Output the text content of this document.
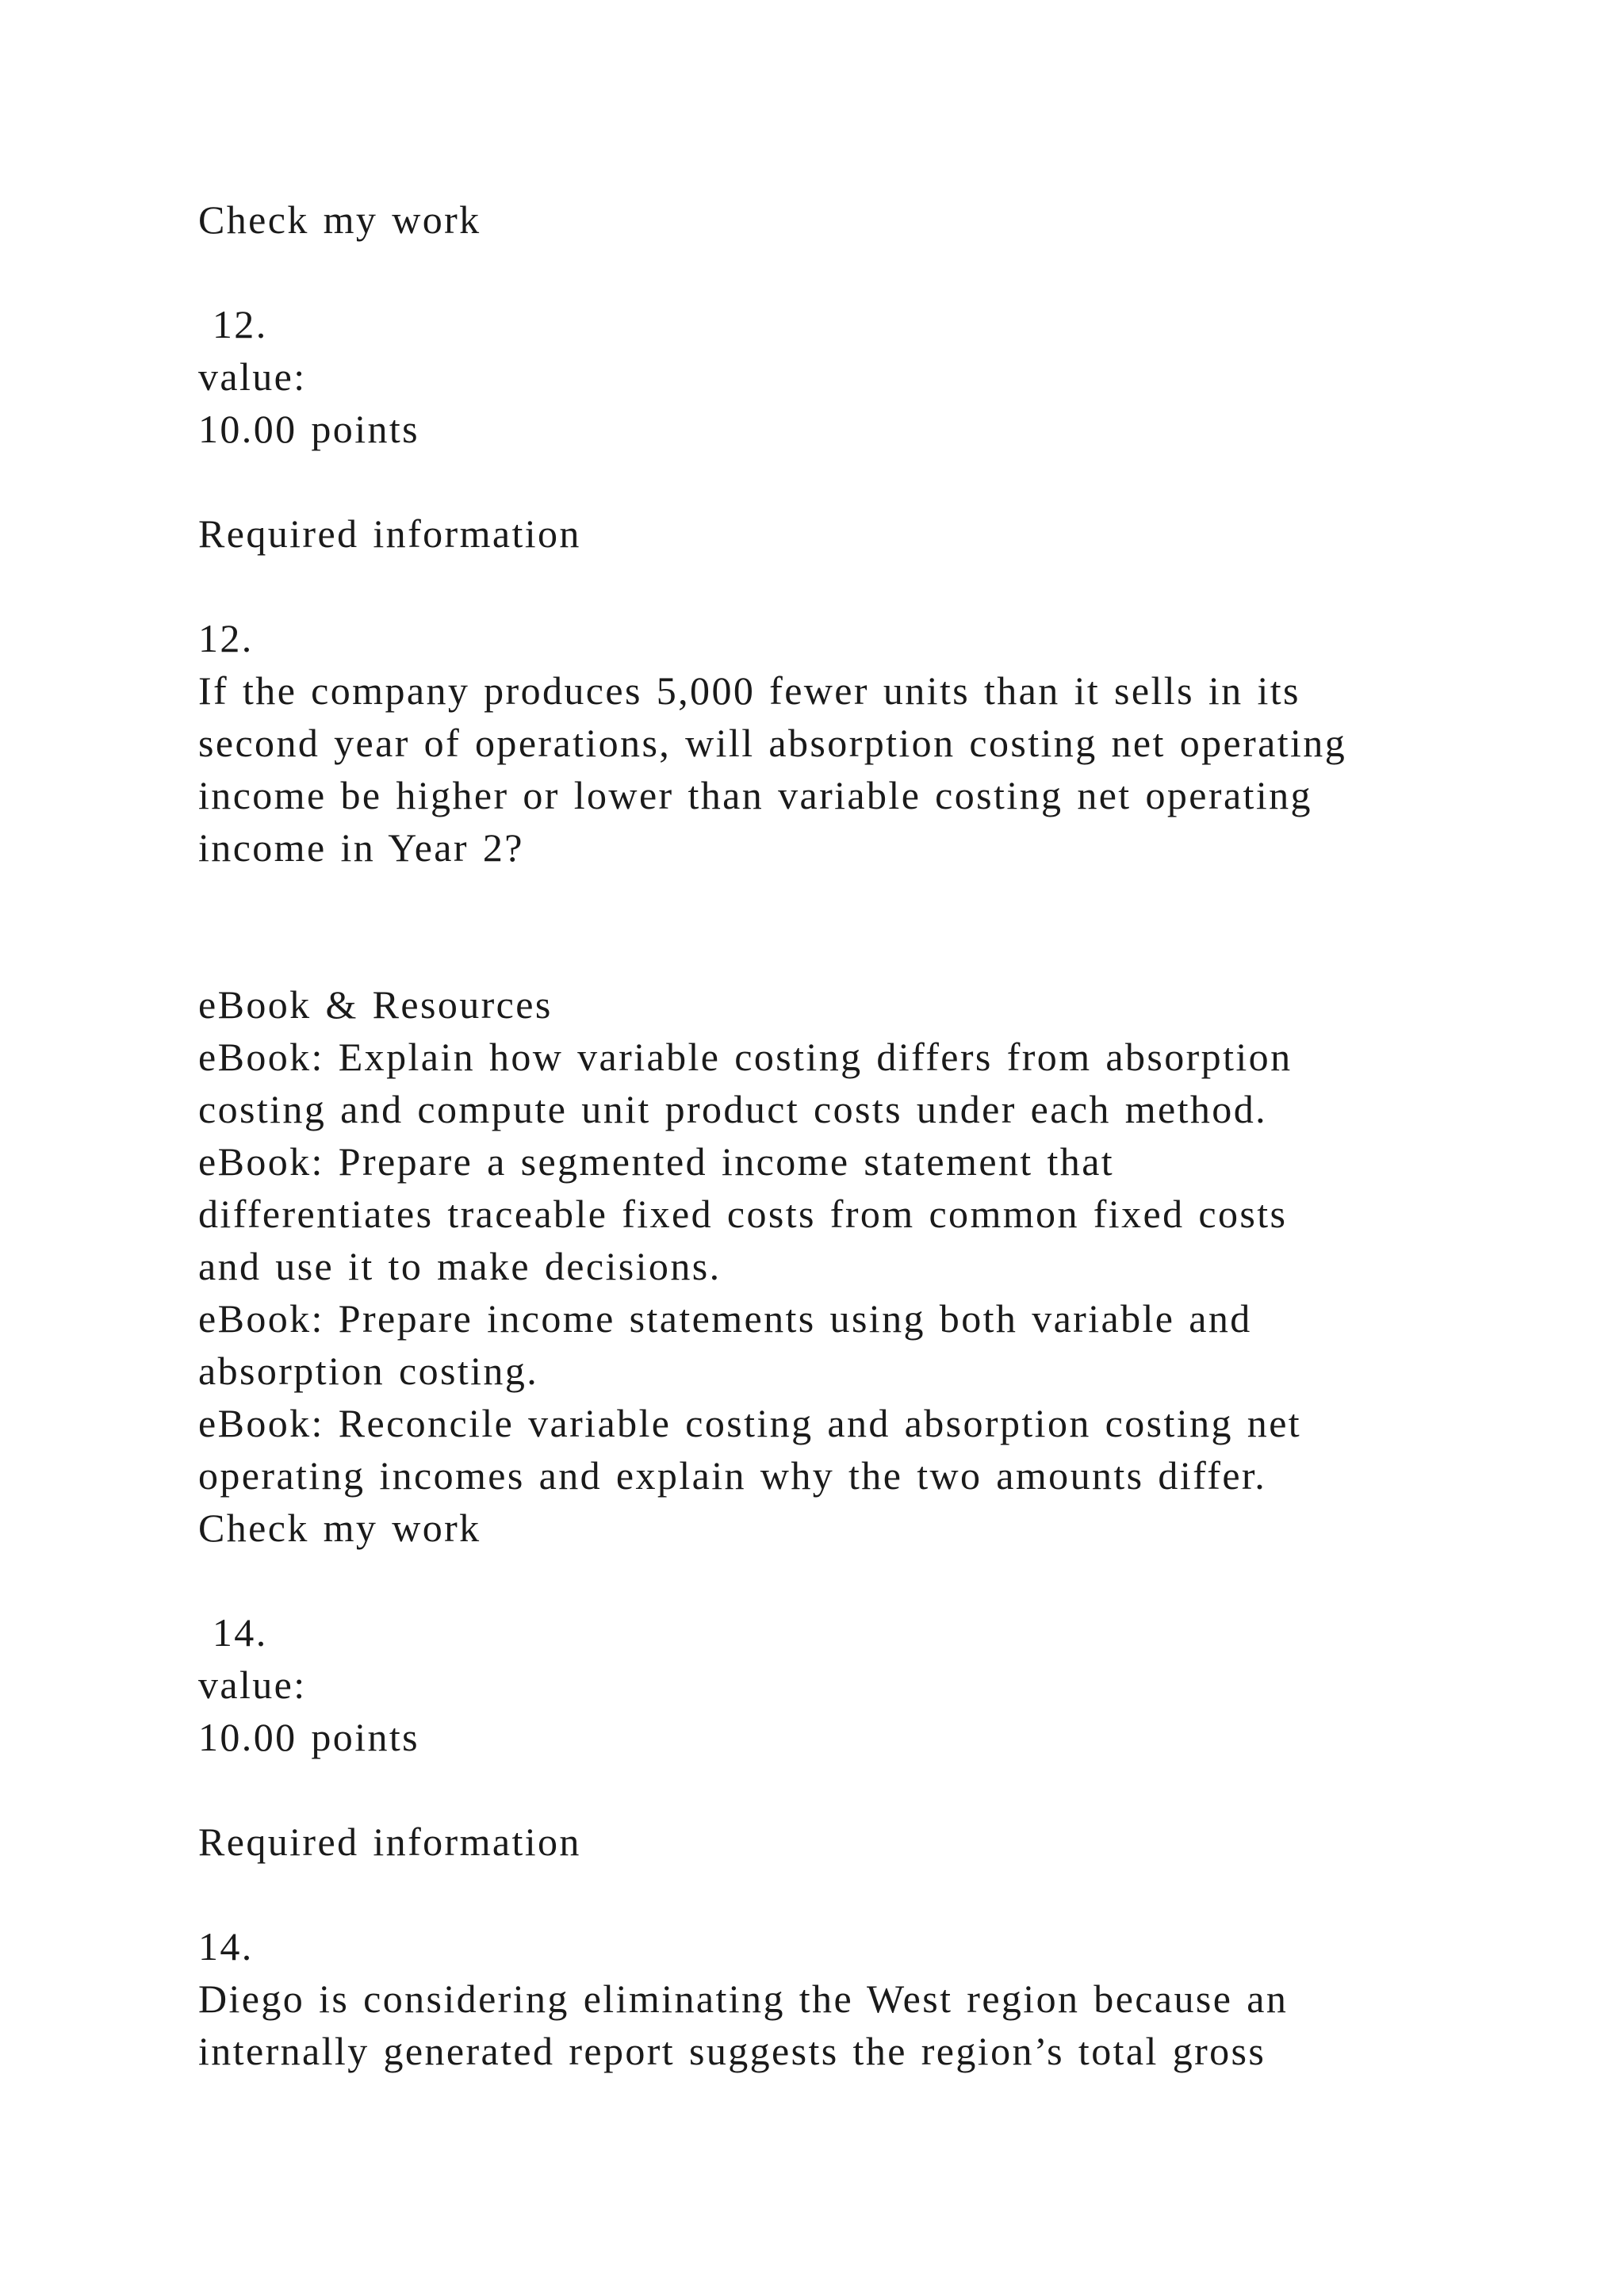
Check my work
12.
value:
10.00 points
Required information
12.
If the company produces 5,000 fewer units than it sells in its
second year of operations, will absorption costing net operating
income be higher or lower than variable costing net operating
income in Year 2?
eBook & Resources
eBook: Explain how variable costing differs from absorption
costing and compute unit product costs under each method.
eBook: Prepare a segmented income statement that
differentiates traceable fixed costs from common fixed costs
and use it to make decisions.
eBook: Prepare income statements using both variable and
absorption costing.
eBook: Reconcile variable costing and absorption costing net
operating incomes and explain why the two amounts differ.
Check my work
14.
value:
10.00 points
Required information
14.
Diego is considering eliminating the West region because an
internally generated report suggests the region’s total gross
